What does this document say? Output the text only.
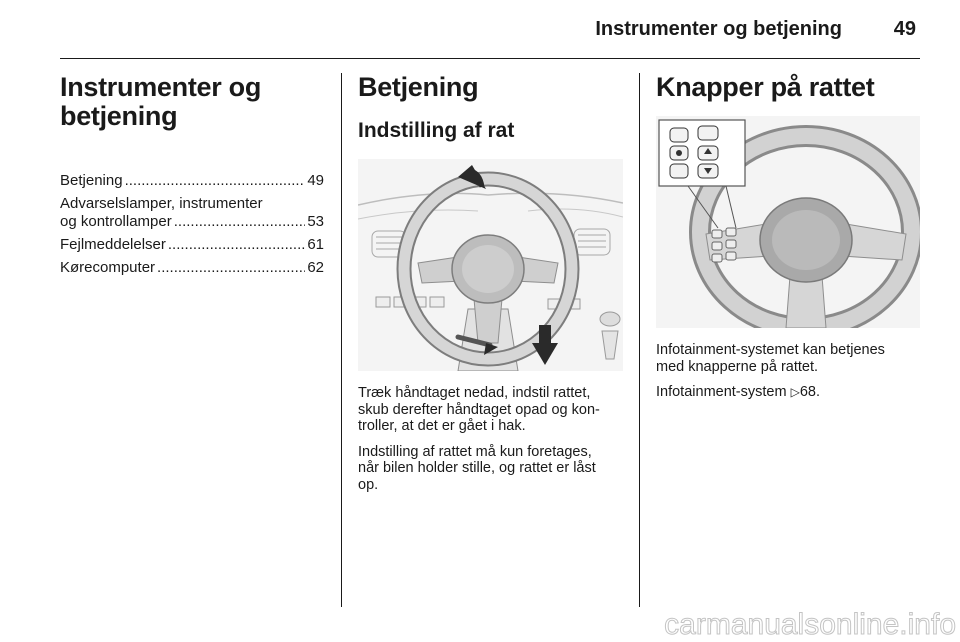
Instrumenter og betjening	49
Instrumenter og
betjening
Betjening .....	49
Advarselslamper, instrumenter
og kontrollamper .....	53
Fejlmeddelelser .....	61
Kørecomputer .....	62
Betjening
Indstilling af rat

Træk håndtaget nedad, indstil rattet,
skub derefter håndtaget opad og kon-
troller, at det er gået i hak.

Indstilling af rattet må kun foretages,
når bilen holder stille, og rattet er låst
op.

Knapper på rattet

Infotainment-systemet kan betjenes
med knapperne på rattet.

Infotainment-system ▷68.

carmanualsonline.info
